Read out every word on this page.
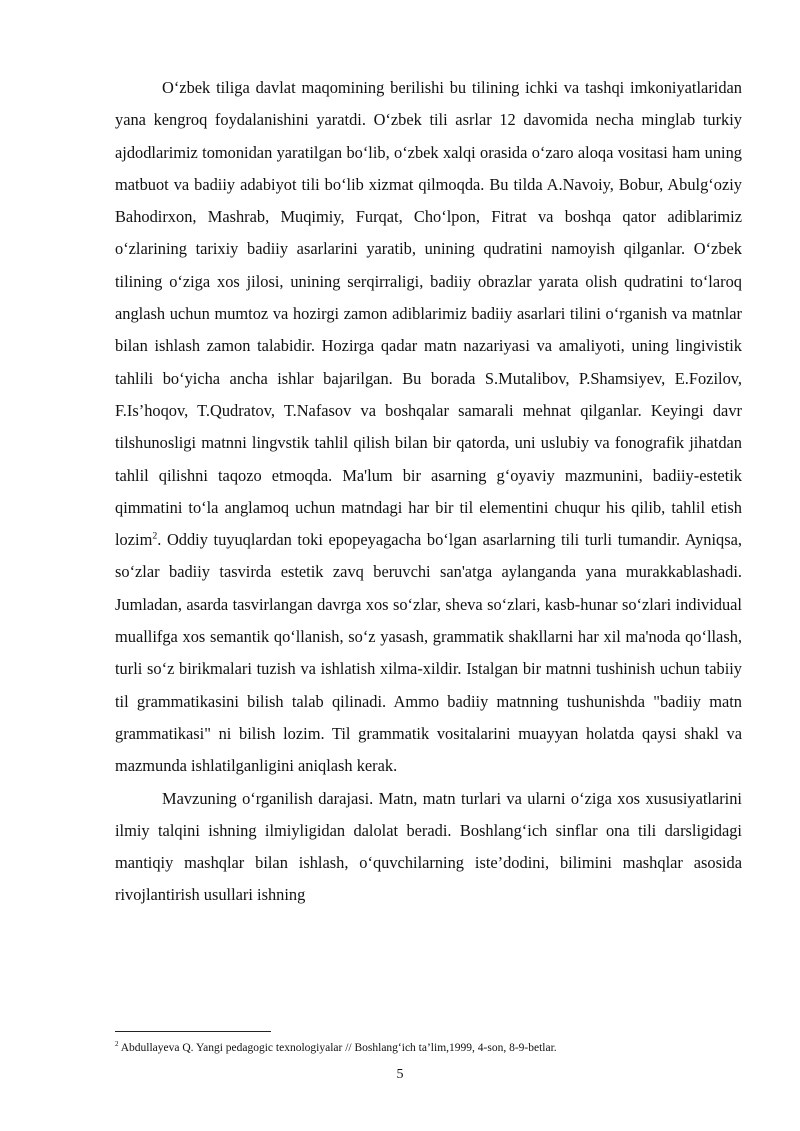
O‘zbek tiliga davlat maqomining berilishi bu tilining ichki va tashqi imkoniyatlaridan yana kengroq foydalanishini yaratdi. O‘zbek tili asrlar 12 davomida necha minglab turkiy ajdodlarimiz tomonidan yaratilgan bo‘lib, o‘zbek xalqi orasida o‘zaro aloqa vositasi ham uning matbuot va badiiy adabiyot tili bo‘lib xizmat qilmoqda. Bu tilda A.Navoiy, Bobur, Abulg‘oziy Bahodirxon, Mashrab, Muqimiy, Furqat, Cho‘lpon, Fitrat va boshqa qator adiblarimiz o‘zlarining tarixiy badiiy asarlarini yaratib, unining qudratini namoyish qilganlar. O‘zbek tilining o‘ziga xos jilosi, unining serqirraligi, badiiy obrazlar yarata olish qudratini to‘laroq anglash uchun mumtoz va hozirgi zamon adiblarimiz badiiy asarlari tilini o‘rganish va matnlar bilan ishlash zamon talabidir. Hozirga qadar matn nazariyasi va amaliyoti, uning lingivistik tahlili bo‘yicha ancha ishlar bajarilgan. Bu borada S.Mutalibov, P.Shamsiyev, E.Fozilov, F.Is’hoqov, T.Qudratov, T.Nafasov va boshqalar samarali mehnat qilganlar. Keyingi davr tilshunosligi matnni lingvstik tahlil qilish bilan bir qatorda, uni uslubiy va fonografik jihatdan tahlil qilishni taqozo etmoqda. Ma'lum bir asarning g‘oyaviy mazmunini, badiiy-estetik qimmatini to‘la anglamoq uchun matndagi har bir til elementini chuqur his qilib, tahlil etish lozim$^2$. Oddiy tuyuqlardan toki epopeyagacha bo‘lgan asarlarning tili turli tumandir. Ayniqsa, so‘zlar badiiy tasvirda estetik zavq beruvchi san'atga aylanganda yana murakkablashadi. Jumladan, asarda tasvirlangan davrga xos so‘zlar, sheva so‘zlari, kasb-hunar so‘zlari individual muallifga xos semantik qo‘llanish, so‘z yasash, grammatik shakllarni har xil ma'noda qo‘llash, turli so‘z birikmalari tuzish va ishlatish xilma-xildir. Istalgan bir matnni tushinish uchun tabiiy til grammatikasini bilish talab qilinadi. Ammo badiiy matnning tushunishda "badiiy matn grammatikasi" ni bilish lozim. Til grammatik vositalarini muayyan holatda qaysi shakl va mazmunda ishlatilganligini aniqlash kerak.

Mavzuning o‘rganilish darajasi. Matn, matn turlari va ularni o‘ziga xos xususiyatlarini ilmiy talqini ishning ilmiyligidan dalolat beradi. Boshlang‘ich sinflar ona tili darsligidagi mantiqiy mashqlar bilan ishlash, o‘quvchilarning iste’dodini, bilimini mashqlar asosida rivojlantirish usullari ishning

$^2$ Abdullayeva Q. Yangi pedagogic texnologiyalar // Boshlang‘ich ta’lim,1999, 4-son, 8-9-betlar.

5
